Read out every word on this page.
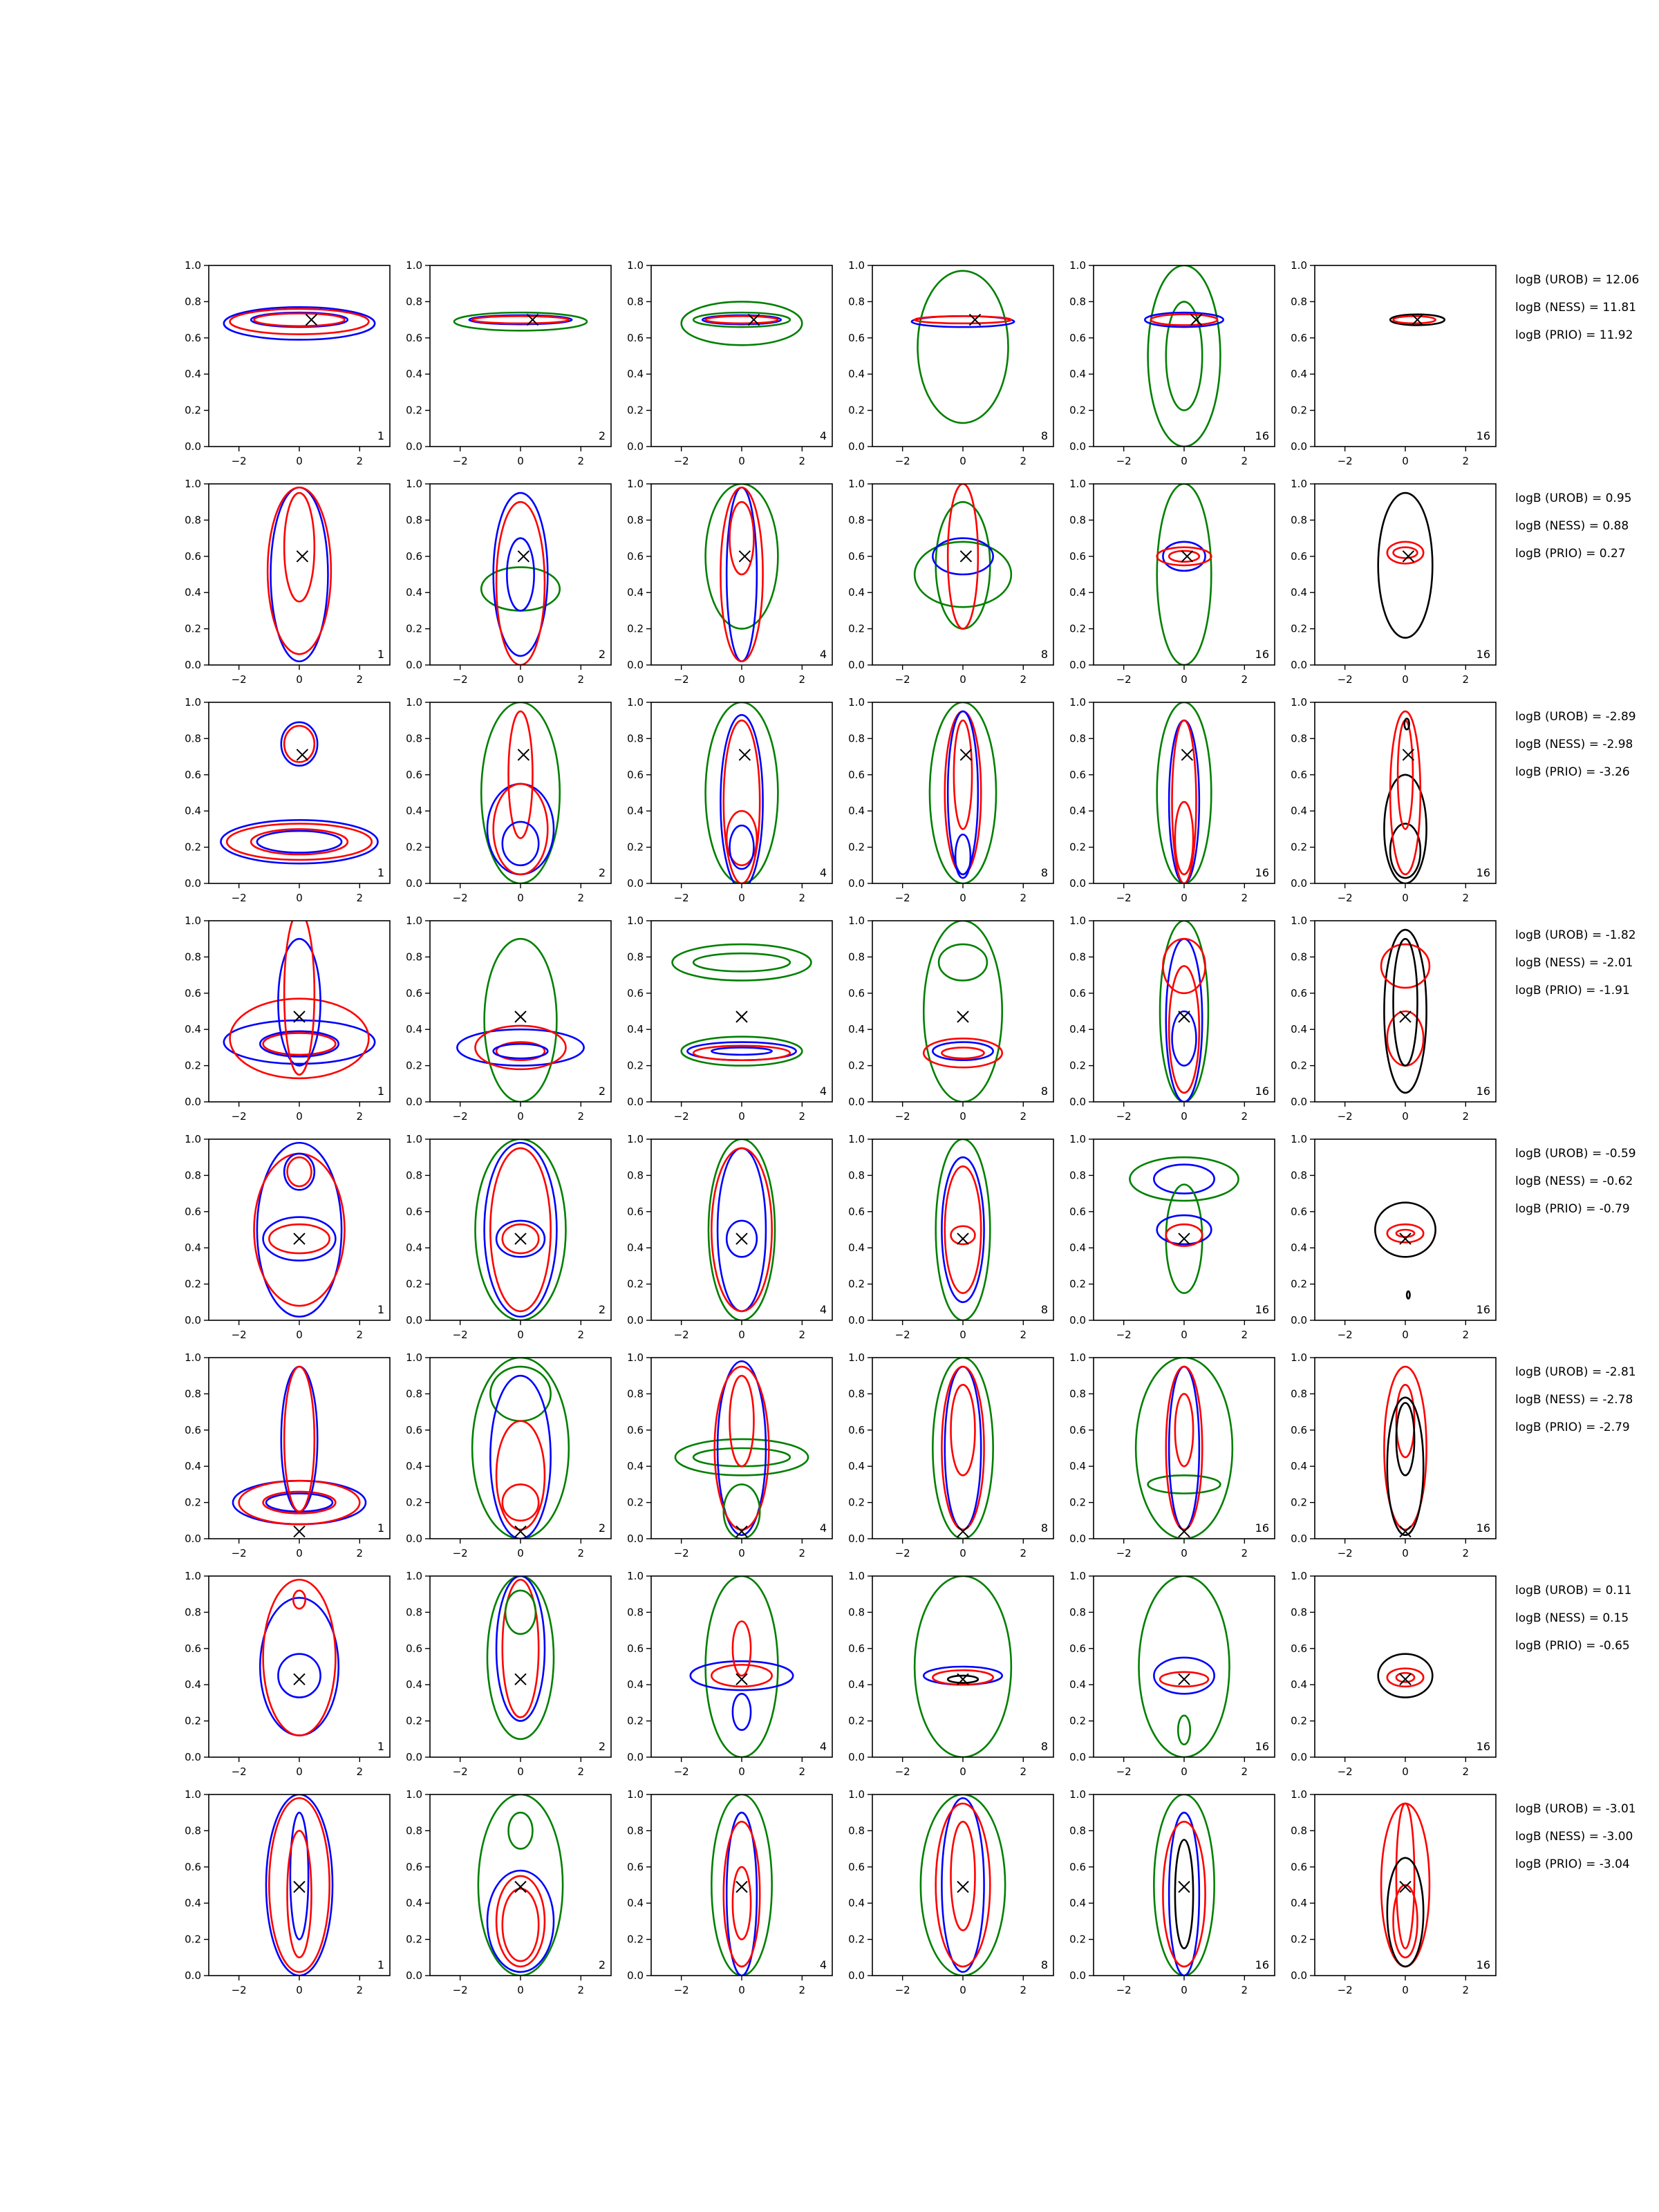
−2	0	2
0.0
0.2
0.4
0.6
0.8
1.0
1
−2	0	2
0.0
0.2
0.4
0.6
0.8
1.0
2
−2	0	2
0.0
0.2
0.4
0.6
0.8
1.0
4
−2	0	2
0.0
0.2
0.4
0.6
0.8
1.0
8
−2	0	2
0.0
0.2
0.4
0.6
0.8
1.0
16
−2	0	2
0.0
0.2
0.4
0.6
0.8
1.0
16
logB (UROB) = 12.06
logB (NESS) = 11.81
logB (PRIO) = 11.92
−2	0	2
0.0
0.2
0.4
0.6
0.8
1.0
1
−2	0	2
0.0
0.2
0.4
0.6
0.8
1.0
2
−2	0	2
0.0
0.2
0.4
0.6
0.8
1.0
4
−2	0	2
0.0
0.2
0.4
0.6
0.8
1.0
8
−2	0	2
0.0
0.2
0.4
0.6
0.8
1.0
16
−2	0	2
0.0
0.2
0.4
0.6
0.8
1.0
16
logB (UROB) = 0.95
logB (NESS) = 0.88
logB (PRIO) = 0.27
−2	0	2
0.0
0.2
0.4
0.6
0.8
1.0
1
−2	0	2
0.0
0.2
0.4
0.6
0.8
1.0
2
−2	0	2
0.0
0.2
0.4
0.6
0.8
1.0
4
−2	0	2
0.0
0.2
0.4
0.6
0.8
1.0
8
−2	0	2
0.0
0.2
0.4
0.6
0.8
1.0
16
−2	0	2
0.0
0.2
0.4
0.6
0.8
1.0
16
logB (UROB) = -2.89
logB (NESS) = -2.98
logB (PRIO) = -3.26
−2	0	2
0.0
0.2
0.4
0.6
0.8
1.0
1
−2	0	2
0.0
0.2
0.4
0.6
0.8
1.0
2
−2	0	2
0.0
0.2
0.4
0.6
0.8
1.0
4
−2	0	2
0.0
0.2
0.4
0.6
0.8
1.0
8
−2	0	2
0.0
0.2
0.4
0.6
0.8
1.0
16
−2	0	2
0.0
0.2
0.4
0.6
0.8
1.0
16
logB (UROB) = -1.82
logB (NESS) = -2.01
logB (PRIO) = -1.91
−2	0	2
0.0
0.2
0.4
0.6
0.8
1.0
1
−2	0	2
0.0
0.2
0.4
0.6
0.8
1.0
2
−2	0	2
0.0
0.2
0.4
0.6
0.8
1.0
4
−2	0	2
0.0
0.2
0.4
0.6
0.8
1.0
8
−2	0	2
0.0
0.2
0.4
0.6
0.8
1.0
16
−2	0	2
0.0
0.2
0.4
0.6
0.8
1.0
16
logB (UROB) = -0.59
logB (NESS) = -0.62
logB (PRIO) = -0.79
−2	0	2
0.0
0.2
0.4
0.6
0.8
1.0
1
−2	0	2
0.0
0.2
0.4
0.6
0.8
1.0
2
−2	0	2
0.0
0.2
0.4
0.6
0.8
1.0
4
−2	0	2
0.0
0.2
0.4
0.6
0.8
1.0
8
−2	0	2
0.0
0.2
0.4
0.6
0.8
1.0
16
−2	0	2
0.0
0.2
0.4
0.6
0.8
1.0
16
logB (UROB) = -2.81
logB (NESS) = -2.78
logB (PRIO) = -2.79
−2	0	2
0.0
0.2
0.4
0.6
0.8
1.0
1
−2	0	2
0.0
0.2
0.4
0.6
0.8
1.0
2
−2	0	2
0.0
0.2
0.4
0.6
0.8
1.0
4
−2	0	2
0.0
0.2
0.4
0.6
0.8
1.0
8
−2	0	2
0.0
0.2
0.4
0.6
0.8
1.0
16
−2	0	2
0.0
0.2
0.4
0.6
0.8
1.0
16
logB (UROB) = 0.11
logB (NESS) = 0.15
logB (PRIO) = -0.65
−2	0	2
0.0
0.2
0.4
0.6
0.8
1.0
1
−2	0	2
0.0
0.2
0.4
0.6
0.8
1.0
2
−2	0	2
0.0
0.2
0.4
0.6
0.8
1.0
4
−2	0	2
0.0
0.2
0.4
0.6
0.8
1.0
8
−2	0	2
0.0
0.2
0.4
0.6
0.8
1.0
16
−2	0	2
0.0
0.2
0.4
0.6
0.8
1.0
16
logB (UROB) = -3.01
logB (NESS) = -3.00
logB (PRIO) = -3.04
